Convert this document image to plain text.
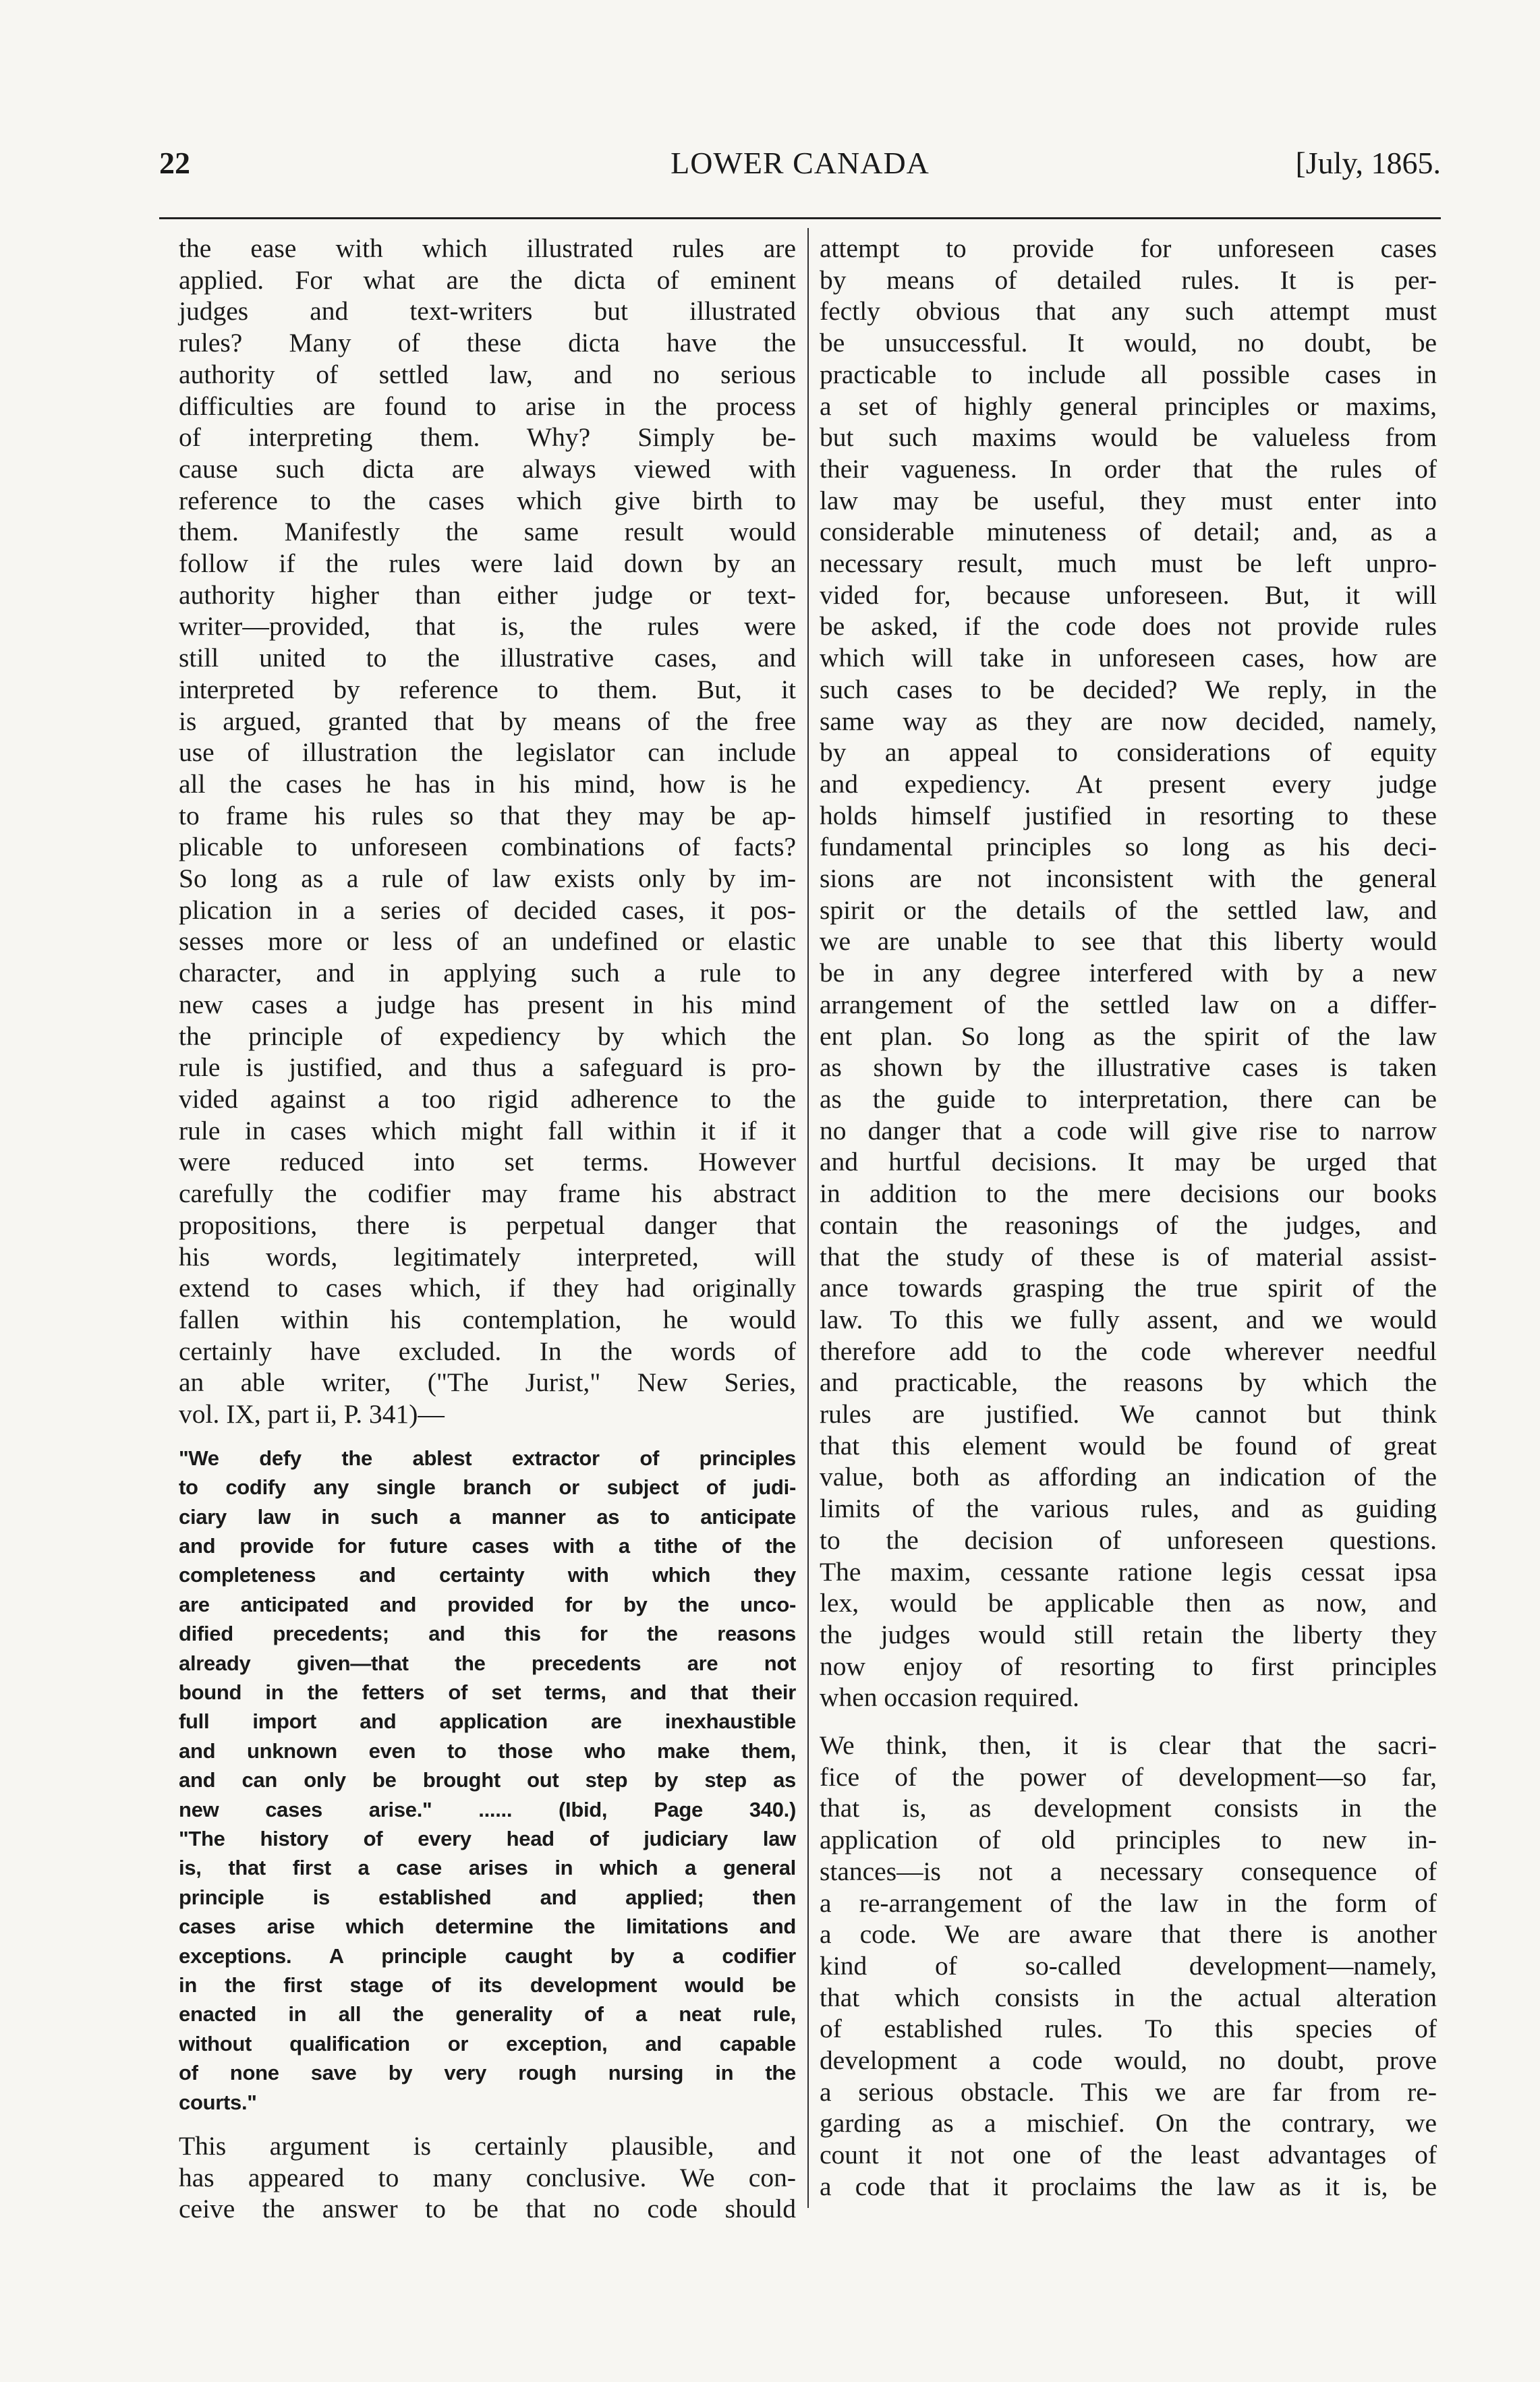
22	LOWER CANADA	[July, 1865.
the ease with which illustrated rules are
applied. For what are the dicta of eminent
judges and text-writers but illustrated
rules? Many of these dicta have the
authority of settled law, and no serious
difficulties are found to arise in the process
of interpreting them. Why? Simply be-
cause such dicta are always viewed with
reference to the cases which give birth to
them. Manifestly the same result would
follow if the rules were laid down by an
authority higher than either judge or text-
writer—provided, that is, the rules were
still united to the illustrative cases, and
interpreted by reference to them. But, it
is argued, granted that by means of the free
use of illustration the legislator can include
all the cases he has in his mind, how is he
to frame his rules so that they may be ap-
plicable to unforeseen combinations of facts?
So long as a rule of law exists only by im-
plication in a series of decided cases, it pos-
sesses more or less of an undefined or elastic
character, and in applying such a rule to
new cases a judge has present in his mind
the principle of expediency by which the
rule is justified, and thus a safeguard is pro-
vided against a too rigid adherence to the
rule in cases which might fall within it if it
were reduced into set terms. However
carefully the codifier may frame his abstract
propositions, there is perpetual danger that
his words, legitimately interpreted, will
extend to cases which, if they had originally
fallen within his contemplation, he would
certainly have excluded. In the words of
an able writer, ("The Jurist," New Series,
vol. IX, part ii, P. 341)—
"We defy the ablest extractor of principles
to codify any single branch or subject of judi-
ciary law in such a manner as to anticipate
and provide for future cases with a tithe of the
completeness and certainty with which they
are anticipated and provided for by the unco-
dified precedents; and this for the reasons
already given—that the precedents are not
bound in the fetters of set terms, and that their
full import and application are inexhaustible
and unknown even to those who make them,
and can only be brought out step by step as
new cases arise." ...... (Ibid, Page 340.)
"The history of every head of judiciary law
is, that first a case arises in which a general
principle is established and applied; then
cases arise which determine the limitations and
exceptions. A principle caught by a codifier
in the first stage of its development would be
enacted in all the generality of a neat rule,
without qualification or exception, and capable
of none save by very rough nursing in the
courts."
This argument is certainly plausible, and
has appeared to many conclusive. We con-
ceive the answer to be that no code should
attempt to provide for unforeseen cases
by means of detailed rules. It is per-
fectly obvious that any such attempt must
be unsuccessful. It would, no doubt, be
practicable to include all possible cases in
a set of highly general principles or maxims,
but such maxims would be valueless from
their vagueness. In order that the rules of
law may be useful, they must enter into
considerable minuteness of detail; and, as a
necessary result, much must be left unpro-
vided for, because unforeseen. But, it will
be asked, if the code does not provide rules
which will take in unforeseen cases, how are
such cases to be decided? We reply, in the
same way as they are now decided, namely,
by an appeal to considerations of equity
and expediency. At present every judge
holds himself justified in resorting to these
fundamental principles so long as his deci-
sions are not inconsistent with the general
spirit or the details of the settled law, and
we are unable to see that this liberty would
be in any degree interfered with by a new
arrangement of the settled law on a differ-
ent plan. So long as the spirit of the law
as shown by the illustrative cases is taken
as the guide to interpretation, there can be
no danger that a code will give rise to narrow
and hurtful decisions. It may be urged that
in addition to the mere decisions our books
contain the reasonings of the judges, and
that the study of these is of material assist-
ance towards grasping the true spirit of the
law. To this we fully assent, and we would
therefore add to the code wherever needful
and practicable, the reasons by which the
rules are justified. We cannot but think
that this element would be found of great
value, both as affording an indication of the
limits of the various rules, and as guiding
to the decision of unforeseen questions.
The maxim, cessante ratione legis cessat ipsa
lex, would be applicable then as now, and
the judges would still retain the liberty they
now enjoy of resorting to first principles
when occasion required.
We think, then, it is clear that the sacri-
fice of the power of development—so far,
that is, as development consists in the
application of old principles to new in-
stances—is not a necessary consequence of
a re-arrangement of the law in the form of
a code. We are aware that there is another
kind of so-called development—namely,
that which consists in the actual alteration
of established rules. To this species of
development a code would, no doubt, prove
a serious obstacle. This we are far from re-
garding as a mischief. On the contrary, we
count it not one of the least advantages of
a code that it proclaims the law as it is, be
